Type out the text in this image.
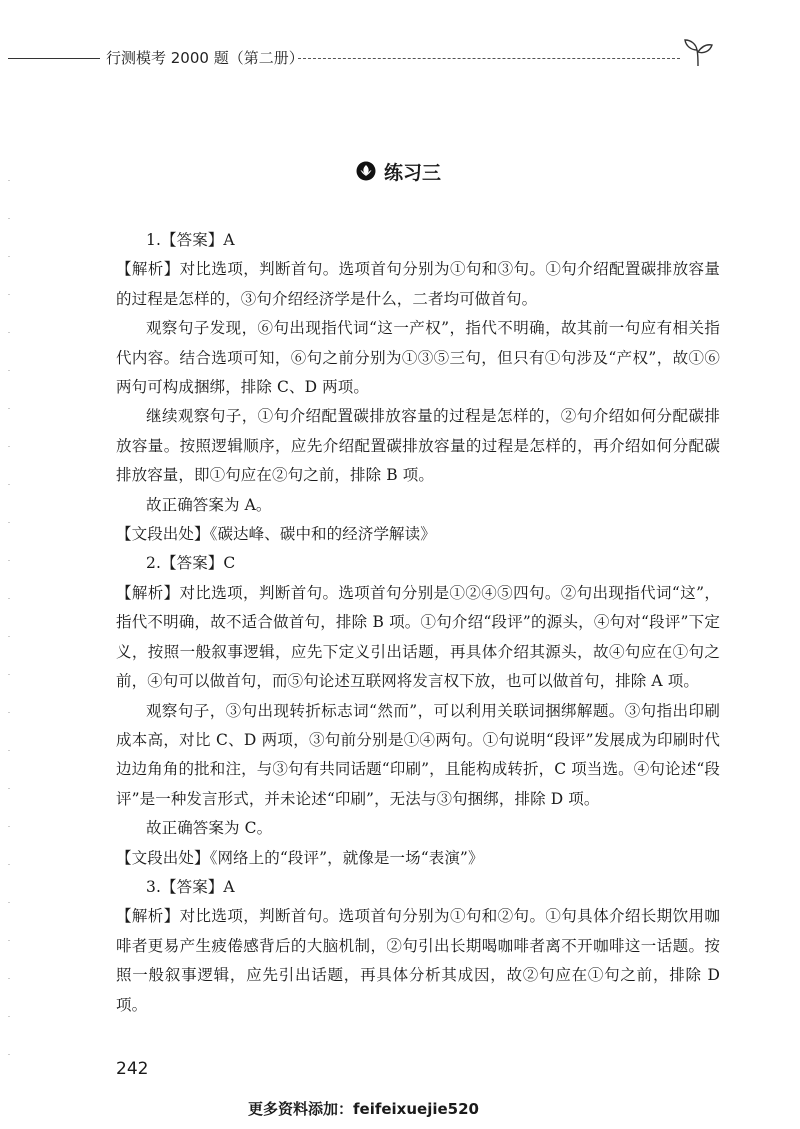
行测模考 2000 题（第二册）
练习三

1.【答案】A

【解析】对比选项，判断首句。选项首句分别为①句和③句。①句介绍配置碳排放容量的过程是怎样的，③句介绍经济学是什么，二者均可做首句。

观察句子发现，⑥句出现指代词“这一产权”，指代不明确，故其前一句应有相关指代内容。结合选项可知，⑥句之前分别为①③⑤三句，但只有①句涉及“产权”，故①⑥两句可构成捆绑，排除 C、D 两项。

继续观察句子，①句介绍配置碳排放容量的过程是怎样的，②句介绍如何分配碳排放容量。按照逻辑顺序，应先介绍配置碳排放容量的过程是怎样的，再介绍如何分配碳排放容量，即①句应在②句之前，排除 B 项。

故正确答案为 A。

【文段出处】《碳达峰、碳中和的经济学解读》

2.【答案】C

【解析】对比选项，判断首句。选项首句分别是①②④⑤四句。②句出现指代词“这”，指代不明确，故不适合做首句，排除 B 项。①句介绍“段评”的源头，④句对“段评”下定义，按照一般叙事逻辑，应先下定义引出话题，再具体介绍其源头，故④句应在①句之前，④句可以做首句，而⑤句论述互联网将发言权下放，也可以做首句，排除 A 项。

观察句子，③句出现转折标志词“然而”，可以利用关联词捆绑解题。③句指出印刷成本高，对比 C、D 两项，③句前分别是①④两句。①句说明“段评”发展成为印刷时代边边角角的批和注，与③句有共同话题“印刷”，且能构成转折，C 项当选。④句论述“段评”是一种发言形式，并未论述“印刷”，无法与③句捆绑，排除 D 项。

故正确答案为 C。

【文段出处】《网络上的“段评”，就像是一场“表演”》

3.【答案】A

【解析】对比选项，判断首句。选项首句分别为①句和②句。①句具体介绍长期饮用咖啡者更易产生疲倦感背后的大脑机制，②句引出长期喝咖啡者离不开咖啡这一话题。按照一般叙事逻辑，应先引出话题，再具体分析其成因，故②句应在①句之前，排除 D 项。

242
更多资料添加：feifeixuejie520
